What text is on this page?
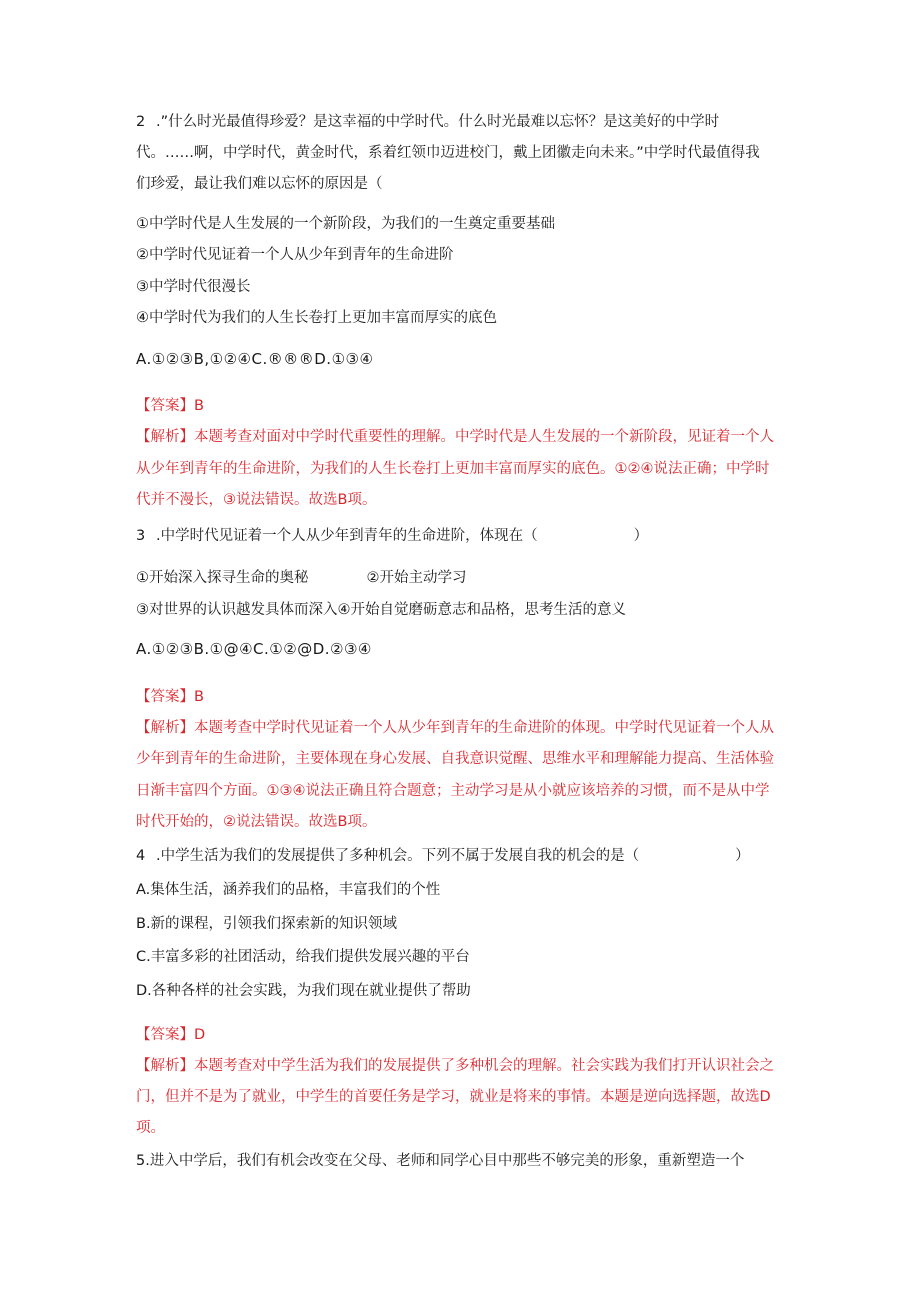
2 .”什么时光最值得珍爱？是这幸福的中学时代。什么时光最难以忘怀？是这美好的中学时

代。……啊，中学时代，黄金时代，系着红领巾迈进校门，戴上团徽走向未来。”中学时代最值得我

们珍爱，最让我们难以忘怀的原因是（

①中学时代是人生发展的一个新阶段，为我们的一生奠定重要基础

②中学时代见证着一个人从少年到青年的生命进阶

③中学时代很漫长

④中学时代为我们的人生长卷打上更加丰富而厚实的底色

A.①②③B,①②④C.®®®D.①③④

【答案】B

【解析】本题考查对面对中学时代重要性的理解。中学时代是人生发展的一个新阶段，见证着一个人

从少年到青年的生命进阶，为我们的人生长卷打上更加丰富而厚实的底色。①②④说法正确；中学时

代并不漫长，③说法错误。故选B项。

3 .中学时代见证着一个人从少年到青年的生命进阶，体现在（	）

①开始深入探寻生命的奥秘　　　　②开始主动学习

③对世界的认识越发具体而深入④开始自觉磨砺意志和品格，思考生活的意义

A.①②③B.①@④C.①②@D.②③④

【答案】B

【解析】本题考查中学时代见证着一个人从少年到青年的生命进阶的体现。中学时代见证着一个人从

少年到青年的生命进阶，主要体现在身心发展、自我意识觉醒、思维水平和理解能力提高、生活体验

日渐丰富四个方面。①③④说法正确且符合题意；主动学习是从小就应该培养的习惯，而不是从中学

时代开始的，②说法错误。故选B项。

4 .中学生活为我们的发展提供了多种机会。下列不属于发展自我的机会的是（	）

A.集体生活，涵养我们的品格，丰富我们的个性

B.新的课程，引领我们探索新的知识领域

C.丰富多彩的社团活动，给我们提供发展兴趣的平台

D.各种各样的社会实践，为我们现在就业提供了帮助

【答案】D

【解析】本题考查对中学生活为我们的发展提供了多种机会的理解。社会实践为我们打开认识社会之

门，但并不是为了就业，中学生的首要任务是学习，就业是将来的事情。本题是逆向选择题，故选D

项。

5.进入中学后，我们有机会改变在父母、老师和同学心目中那些不够完美的形象，重新塑造一个
